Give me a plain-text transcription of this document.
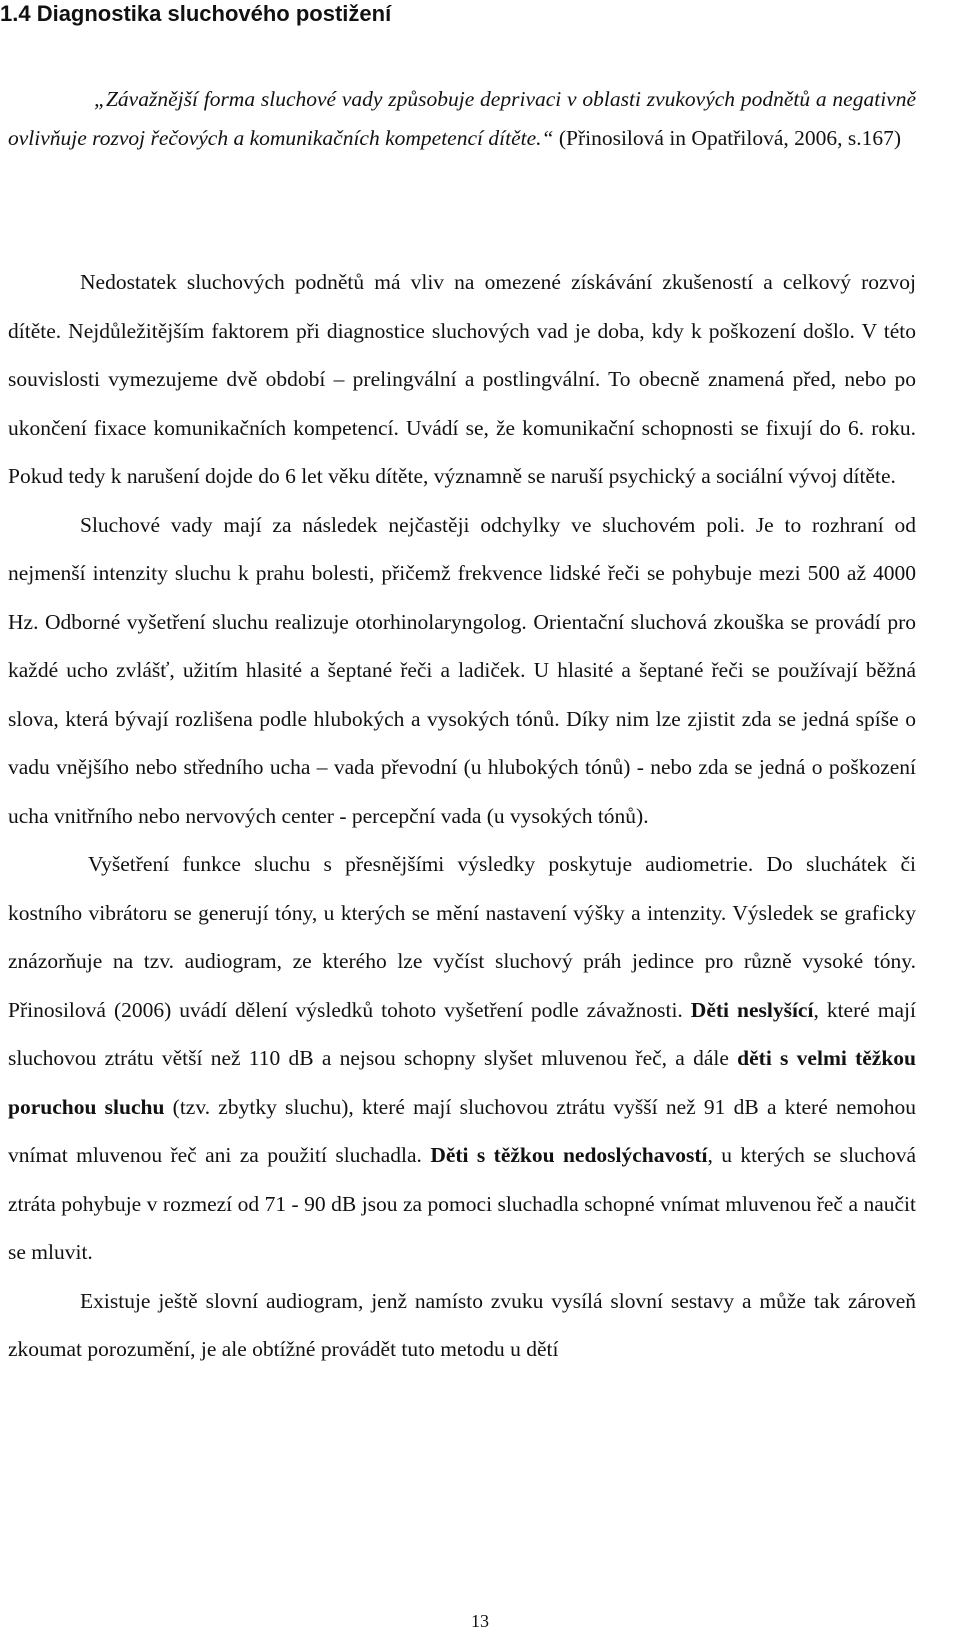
1.4 Diagnostika sluchového postižení
„Závažnější forma sluchové vady způsobuje deprivaci v oblasti zvukových podnětů a negativně ovlivňuje rozvoj řečových a komunikačních kompetencí dítěte.“ (Přinosilová in Opatřilová, 2006, s.167)

Nedostatek sluchových podnětů má vliv na omezené získávání zkušeností a celkový rozvoj dítěte. Nejdůležitějším faktorem při diagnostice sluchových vad je doba, kdy k poškození došlo. V této souvislosti vymezujeme dvě období – prelingvální a postlingvální. To obecně znamená před, nebo po ukončení fixace komunikačních kompetencí. Uvádí se, že komunikační schopnosti se fixují do 6. roku. Pokud tedy k narušení dojde do 6 let věku dítěte, významně se naruší psychický a sociální vývoj dítěte.

Sluchové vady mají za následek nejčastěji odchylky ve sluchovém poli. Je to rozhraní od nejmenší intenzity sluchu k prahu bolesti, přičemž frekvence lidské řeči se pohybuje mezi 500 až 4000 Hz. Odborné vyšetření sluchu realizuje otorhinolaryngolog. Orientační sluchová zkouška se provádí pro každé ucho zvlášť, užitím hlasité a šeptané řeči a ladiček. U hlasité a šeptané řeči se používají běžná slova, která bývají rozlišena podle hlubokých a vysokých tónů. Díky nim lze zjistit zda se jedná spíše o vadu vnějšího nebo středního ucha – vada převodní (u hlubokých tónů) - nebo zda se jedná o poškození ucha vnitřního nebo nervových center - percepční vada (u vysokých tónů).

Vyšetření funkce sluchu s přesnějšími výsledky poskytuje audiometrie. Do sluchátek či kostního vibrátoru se generují tóny, u kterých se mění nastavení výšky a intenzity. Výsledek se graficky znázorňuje na tzv. audiogram, ze kterého lze vyčíst sluchový práh jedince pro různě vysoké tóny. Přinosilová (2006) uvádí dělení výsledků tohoto vyšetření podle závažnosti. Děti neslyšící, které mají sluchovou ztrátu větší než 110 dB a nejsou schopny slyšet mluvenou řeč, a dále děti s velmi těžkou poruchou sluchu (tzv. zbytky sluchu), které mají sluchovou ztrátu vyšší než 91 dB a které nemohou vnímat mluvenou řeč ani za použití sluchadla. Děti s těžkou nedoslýchavostí, u kterých se sluchová ztráta pohybuje v rozmezí od 71 - 90 dB jsou za pomoci sluchadla schopné vnímat mluvenou řeč a naučit se mluvit.

Existuje ještě slovní audiogram, jenž namísto zvuku vysílá slovní sestavy a může tak zároveň zkoumat porozumění, je ale obtížné provádět tuto metodu u dětí

13
